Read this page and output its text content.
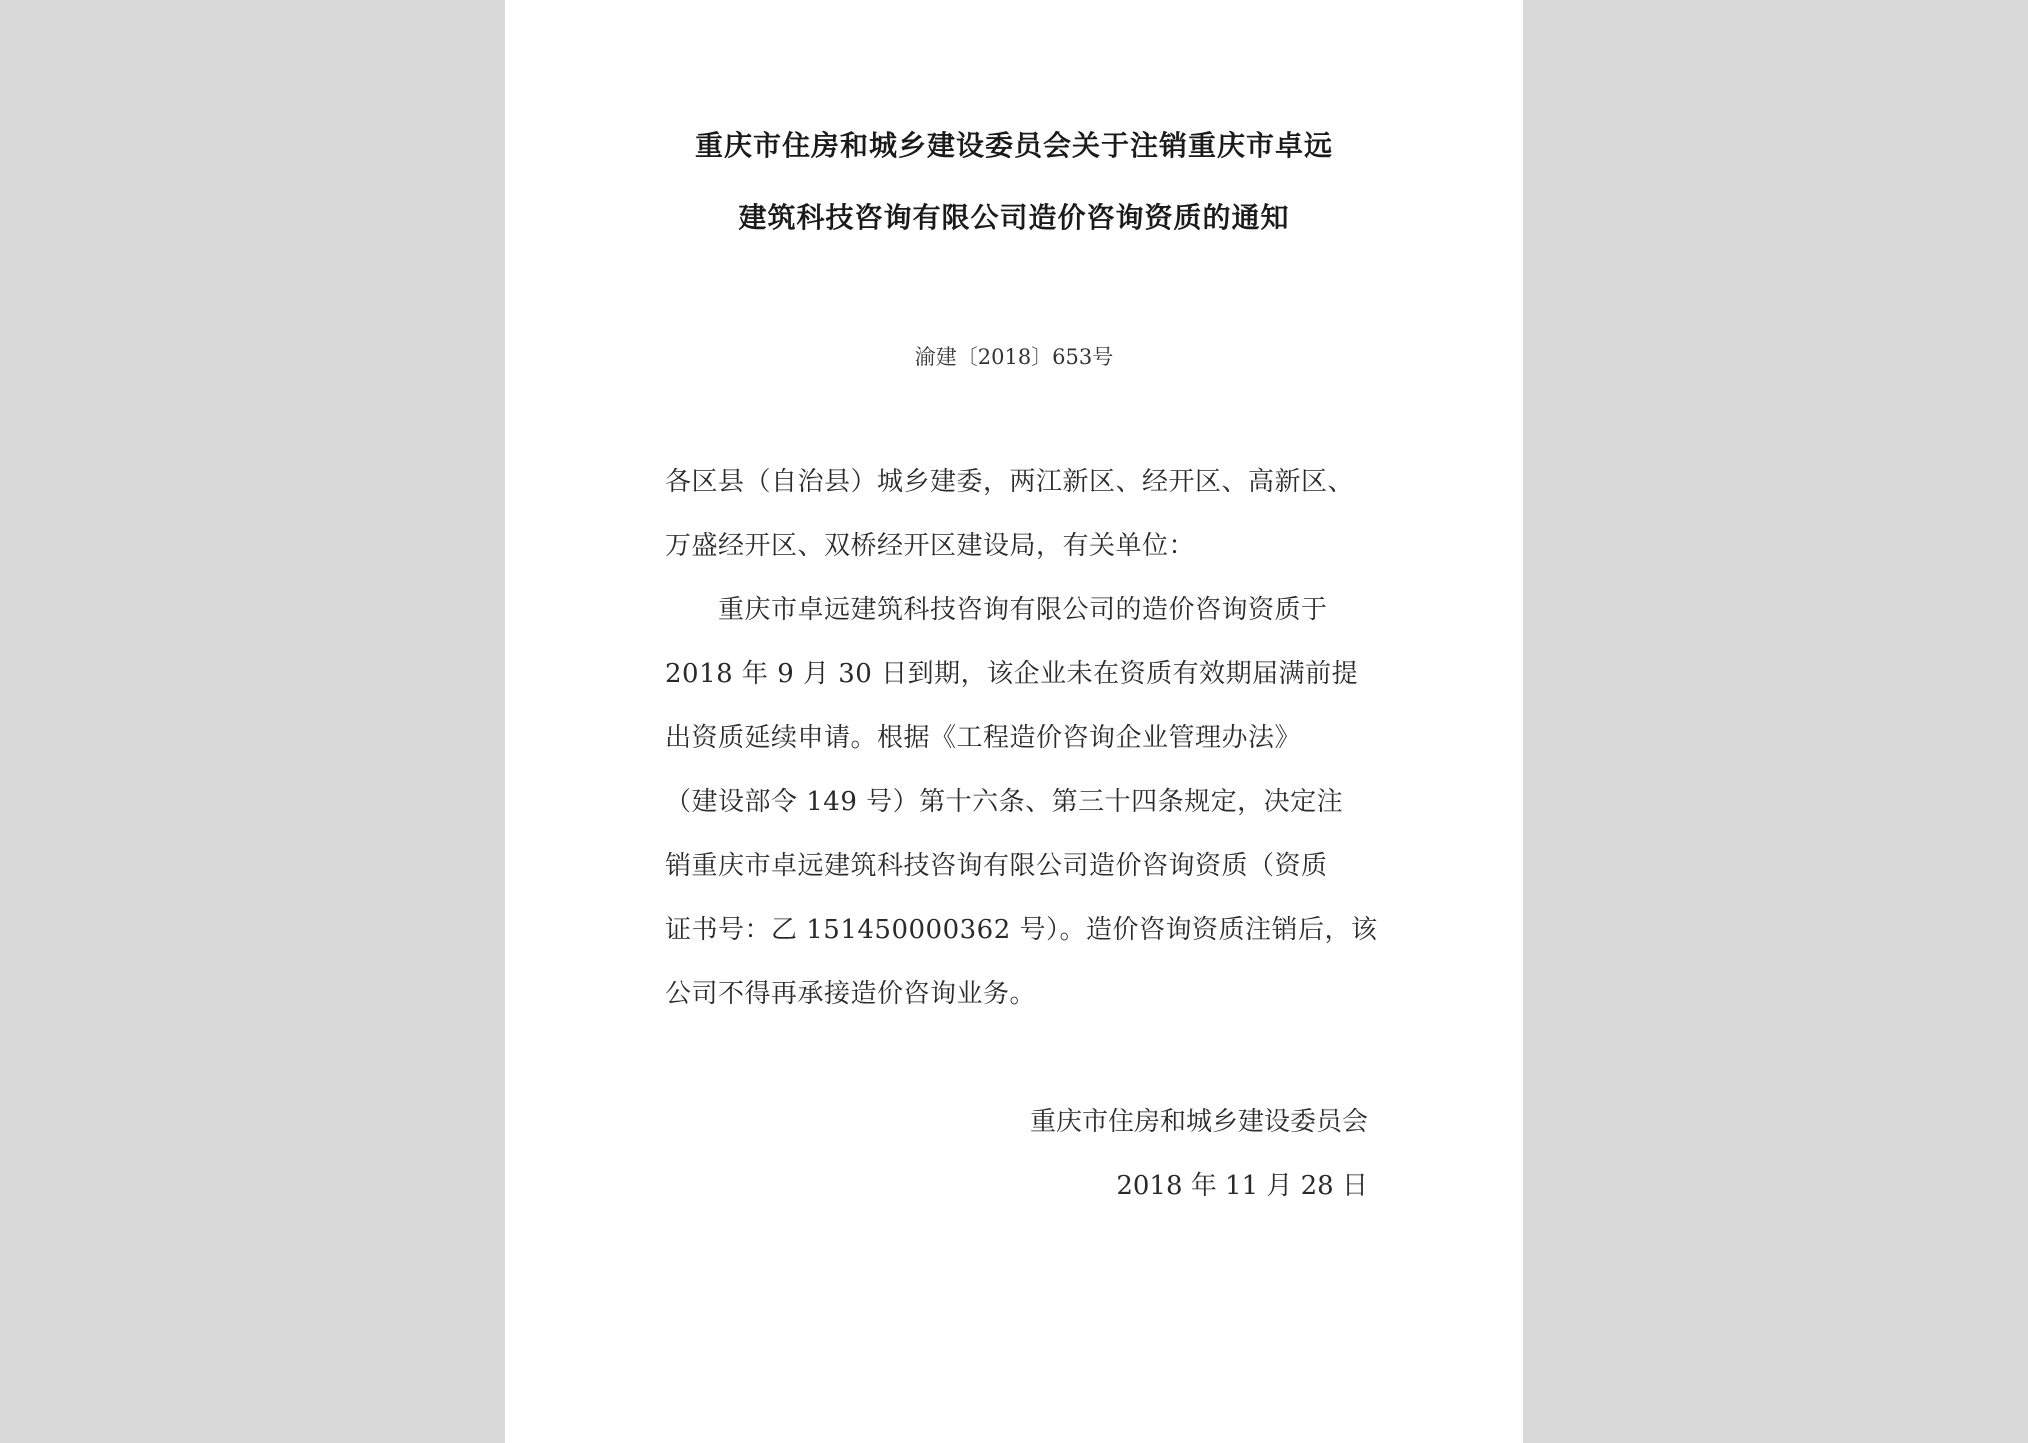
重庆市住房和城乡建设委员会关于注销重庆市卓远
建筑科技咨询有限公司造价咨询资质的通知
渝建〔2018〕653号
各区县（自治县）城乡建委，两江新区、经开区、高新区、
万盛经开区、双桥经开区建设局，有关单位：
重庆市卓远建筑科技咨询有限公司的造价咨询资质于
2018 年 9 月 30 日到期，该企业未在资质有效期届满前提
出资质延续申请。根据《工程造价咨询企业管理办法》
（建设部令 149 号）第十六条、第三十四条规定，决定注
销重庆市卓远建筑科技咨询有限公司造价咨询资质（资质
证书号：乙 151450000362 号）。造价咨询资质注销后，该
公司不得再承接造价咨询业务。
重庆市住房和城乡建设委员会
2018 年 11 月 28 日
